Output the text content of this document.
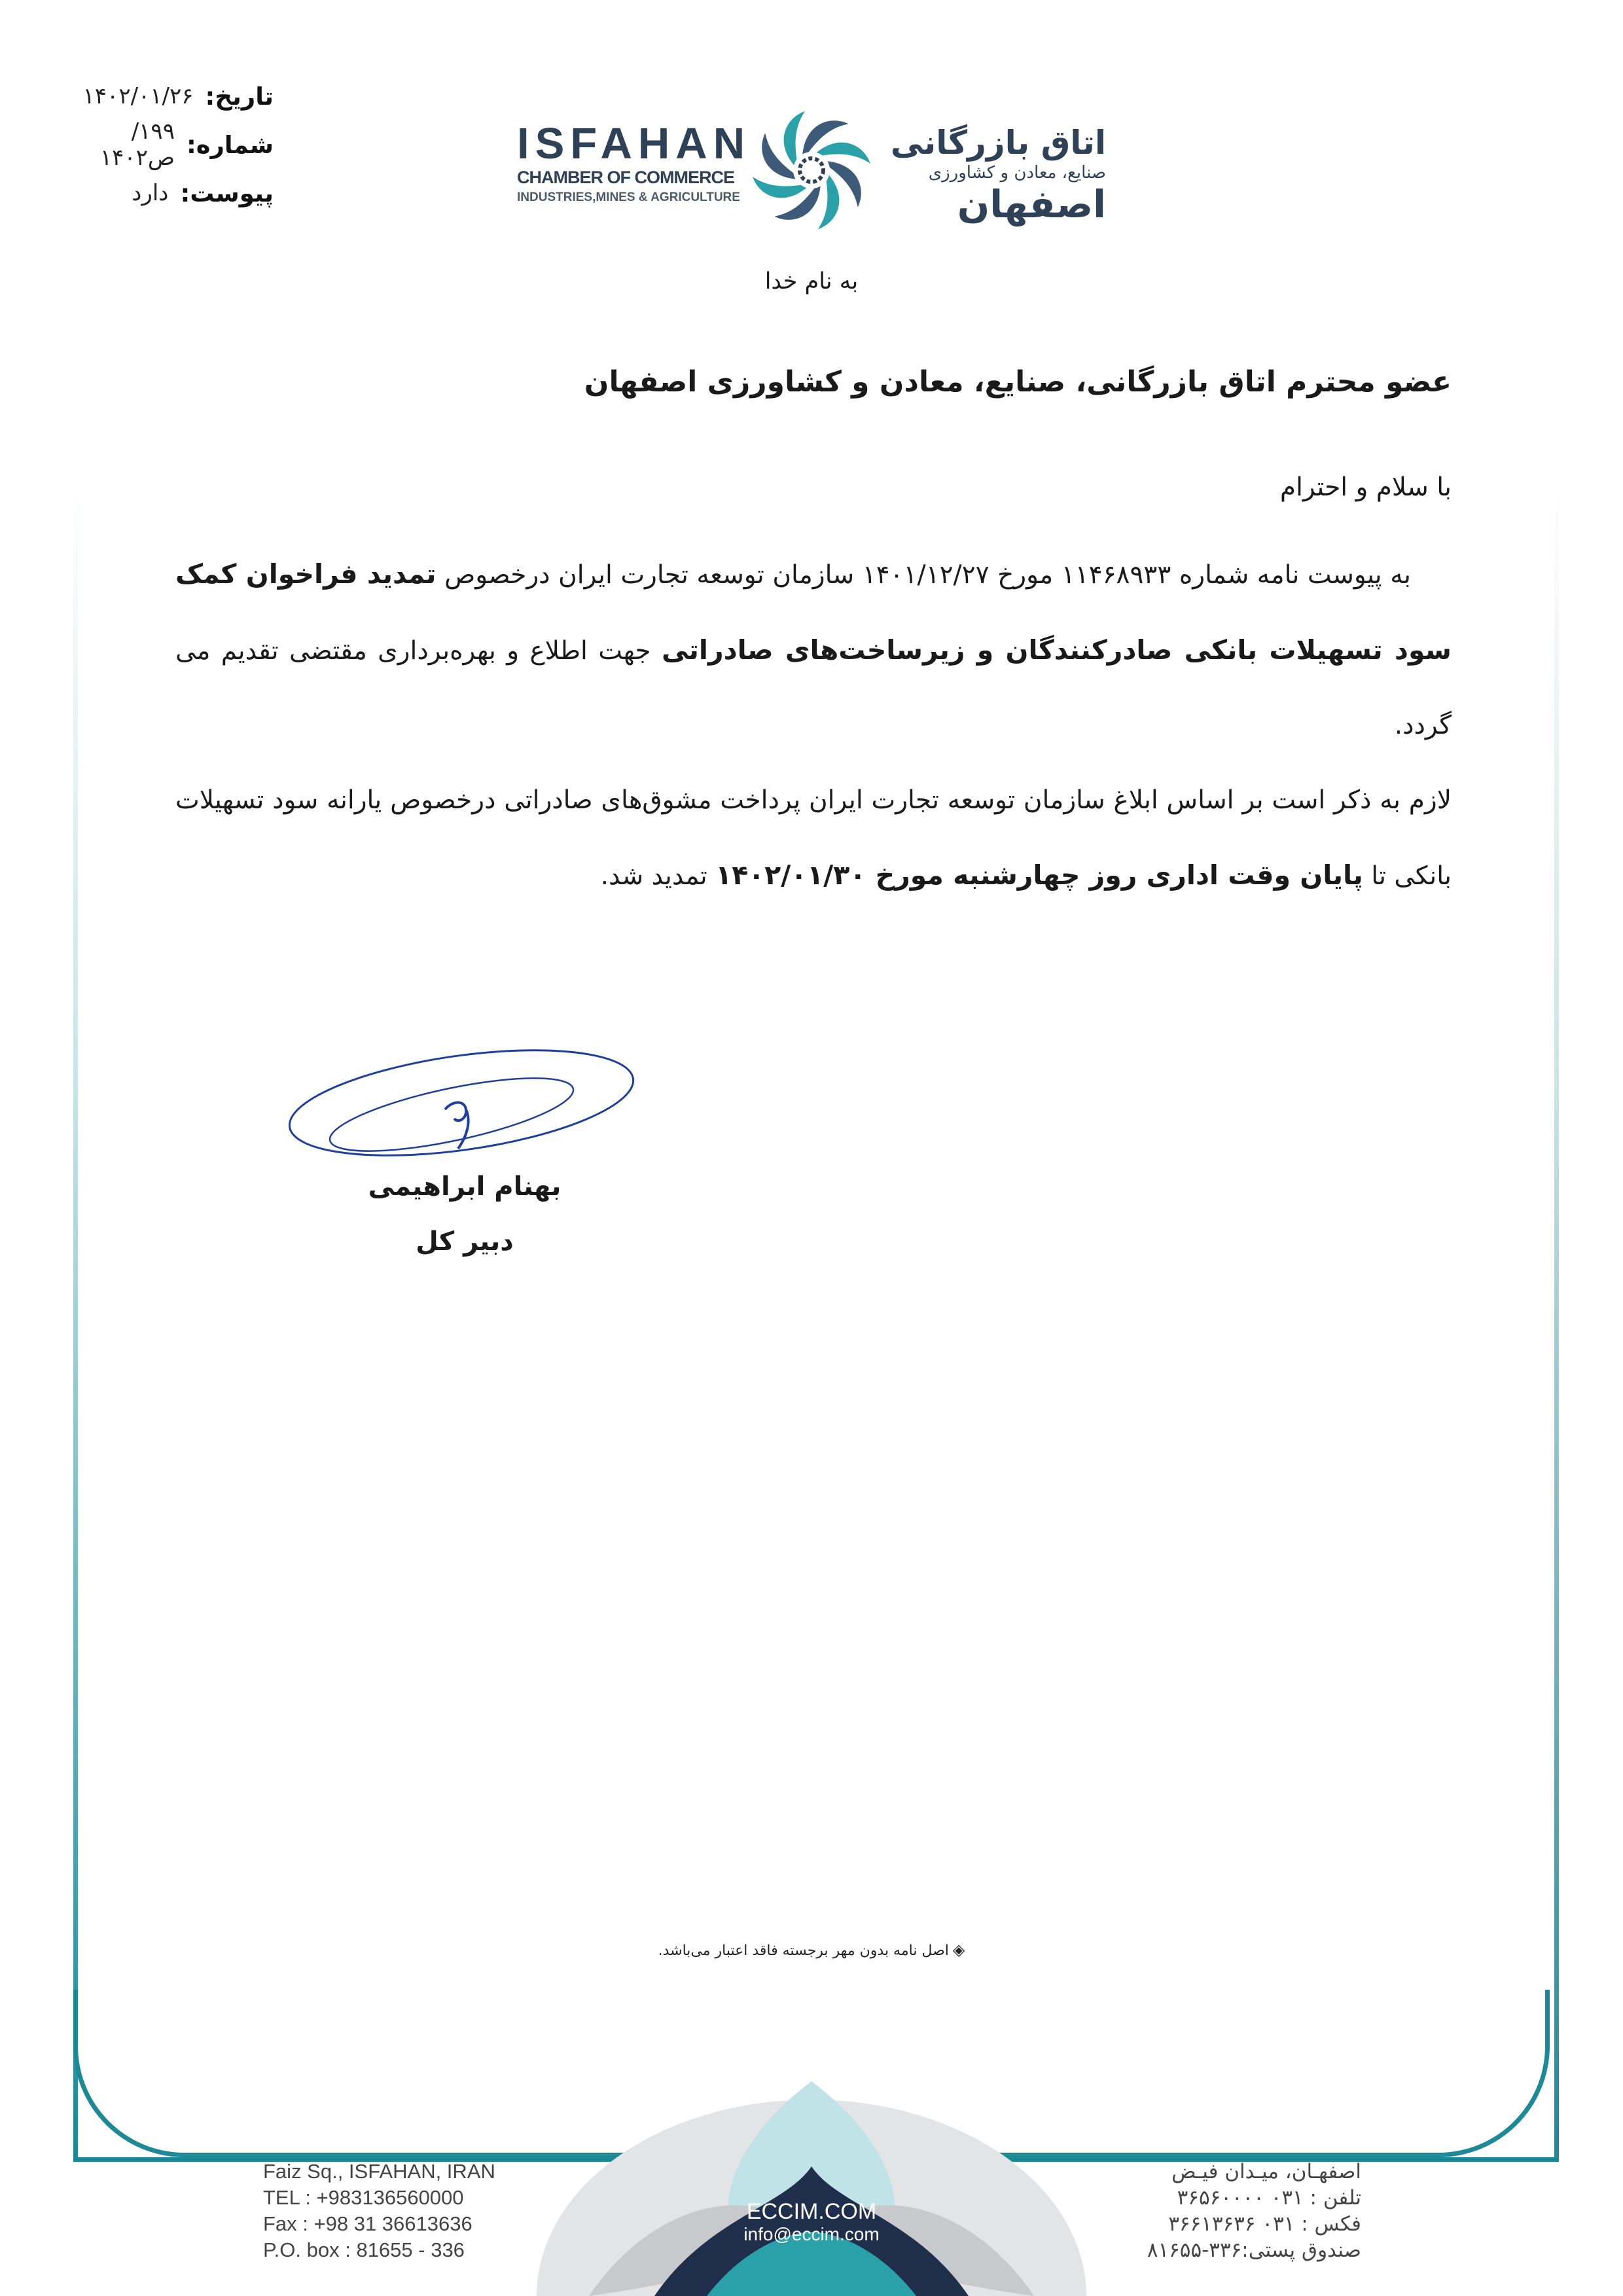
تاریخ:
۱۴۰۲/۰۱/۲۶
شماره:
۱۹۹/ص۱۴۰۲
پیوست:
دارد
ISFAHAN
CHAMBER OF COMMERCE
INDUSTRIES,MINES & AGRICULTURE
اتاق بازرگانی
صنایع، معادن و کشاورزی
اصفهان
به نام خدا
عضو محترم اتاق بازرگانی، صنایع، معادن و کشاورزی اصفهان
با سلام و احترام

به پیوست نامه شماره ۱۱۴۶۸۹۳۳ مورخ ۱۴۰۱/۱۲/۲۷ سازمان توسعه تجارت ایران درخصوص تمدید فراخوان کمک سود تسهیلات بانکی صادرکنندگان و زیرساخت‌های صادراتی جهت اطلاع و بهره‌برداری مقتضی تقدیم می گردد.

لازم به ذکر است بر اساس ابلاغ سازمان توسعه تجارت ایران پرداخت مشوق‌های صادراتی درخصوص یارانه سود تسهیلات بانکی تا پایان وقت اداری روز چهارشنبه مورخ ۱۴۰۲/۰۱/۳۰ تمدید شد.

بهنام ابراهیمی
دبیر کل
◈اصل نامه بدون مهر برجسته فاقد اعتبار می‌باشد.
Faiz Sq., ISFAHAN, IRAN
TEL : +983136560000
Fax : +98 31 36613636
P.O. box : 81655 - 336
ECCIM.COM
info@eccim.com
اصفهـان، میـدان فیـض
تلفن : ۰۳۱ ۳۶۵۶۰۰۰۰
فکس : ۰۳۱ ۳۶۶۱۳۶۳۶
صندوق پستی:۳۳۶-۸۱۶۵۵
